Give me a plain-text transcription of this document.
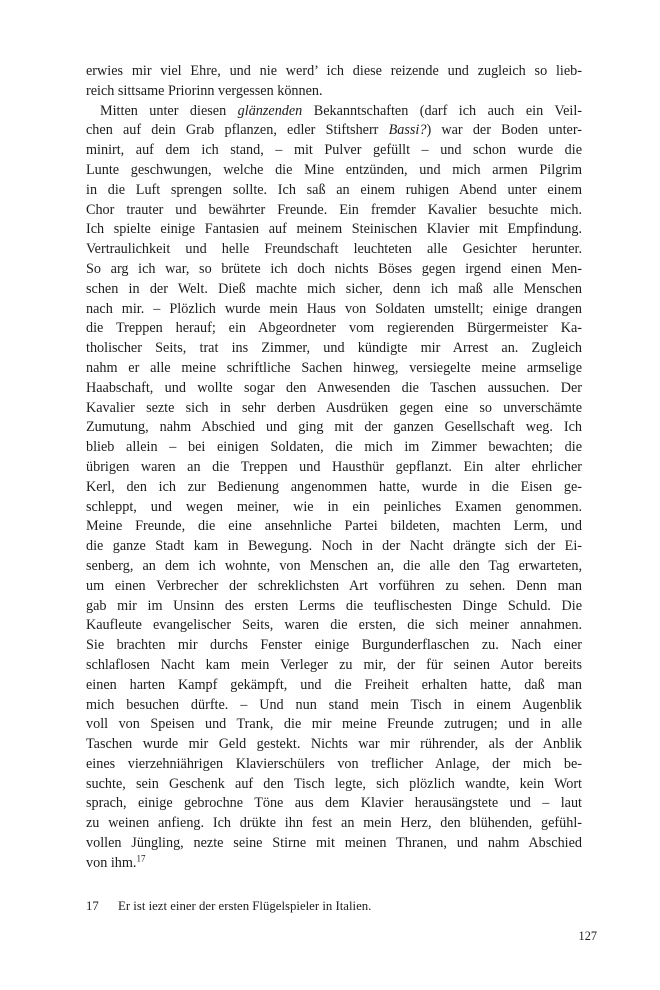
erwies mir viel Ehre, und nie werd’ ich diese reizende und zugleich so lieb-
reich sittsame Priorinn vergessen können.
Mitten unter diesen glänzenden Bekanntschaften (darf ich auch ein Veil-
chen auf dein Grab pflanzen, edler Stiftsherr Bassi?) war der Boden unter-
minirt, auf dem ich stand, – mit Pulver gefüllt – und schon wurde die
Lunte geschwungen, welche die Mine entzünden, und mich armen Pilgrim
in die Luft sprengen sollte. Ich saß an einem ruhigen Abend unter einem
Chor trauter und bewährter Freunde. Ein fremder Kavalier besuchte mich.
Ich spielte einige Fantasien auf meinem Steinischen Klavier mit Empfindung.
Vertraulichkeit und helle Freundschaft leuchteten alle Gesichter herunter.
So arg ich war, so brütete ich doch nichts Böses gegen irgend einen Men-
schen in der Welt. Dieß machte mich sicher, denn ich maß alle Menschen
nach mir. – Plözlich wurde mein Haus von Soldaten umstellt; einige drangen
die Treppen herauf; ein Abgeordneter vom regierenden Bürgermeister Ka-
tholischer Seits, trat ins Zimmer, und kündigte mir Arrest an. Zugleich
nahm er alle meine schriftliche Sachen hinweg, versiegelte meine armselige
Haabschaft, und wollte sogar den Anwesenden die Taschen aussuchen. Der
Kavalier sezte sich in sehr derben Ausdrüken gegen eine so unverschämte
Zumutung, nahm Abschied und ging mit der ganzen Gesellschaft weg. Ich
blieb allein – bei einigen Soldaten, die mich im Zimmer bewachten; die
übrigen waren an die Treppen und Hausthür gepflanzt. Ein alter ehrlicher
Kerl, den ich zur Bedienung angenommen hatte, wurde in die Eisen ge-
schleppt, und wegen meiner, wie in ein peinliches Examen genommen.
Meine Freunde, die eine ansehnliche Partei bildeten, machten Lerm, und
die ganze Stadt kam in Bewegung. Noch in der Nacht drängte sich der Ei-
senberg, an dem ich wohnte, von Menschen an, die alle den Tag erwarteten,
um einen Verbrecher der schreklichsten Art vorführen zu sehen. Denn man
gab mir im Unsinn des ersten Lerms die teuflischesten Dinge Schuld. Die
Kaufleute evangelischer Seits, waren die ersten, die sich meiner annahmen.
Sie brachten mir durchs Fenster einige Burgunderflaschen zu. Nach einer
schlaflosen Nacht kam mein Verleger zu mir, der für seinen Autor bereits
einen harten Kampf gekämpft, und die Freiheit erhalten hatte, daß man
mich besuchen dürfte. – Und nun stand mein Tisch in einem Augenblik
voll von Speisen und Trank, die mir meine Freunde zutrugen; und in alle
Taschen wurde mir Geld gestekt. Nichts war mir rührender, als der Anblik
eines vierzehniährigen Klavierschülers von treflicher Anlage, der mich be-
suchte, sein Geschenk auf den Tisch legte, sich plözlich wandte, kein Wort
sprach, einige gebrochne Töne aus dem Klavier herausängstete und – laut
zu weinen anfieng. Ich drükte ihn fest an mein Herz, den blühenden, gefühl-
vollen Jüngling, nezte seine Stirne mit meinen Thranen, und nahm Abschied
von ihm.$^{17}$
17 Er ist iezt einer der ersten Flügelspieler in Italien.
127
